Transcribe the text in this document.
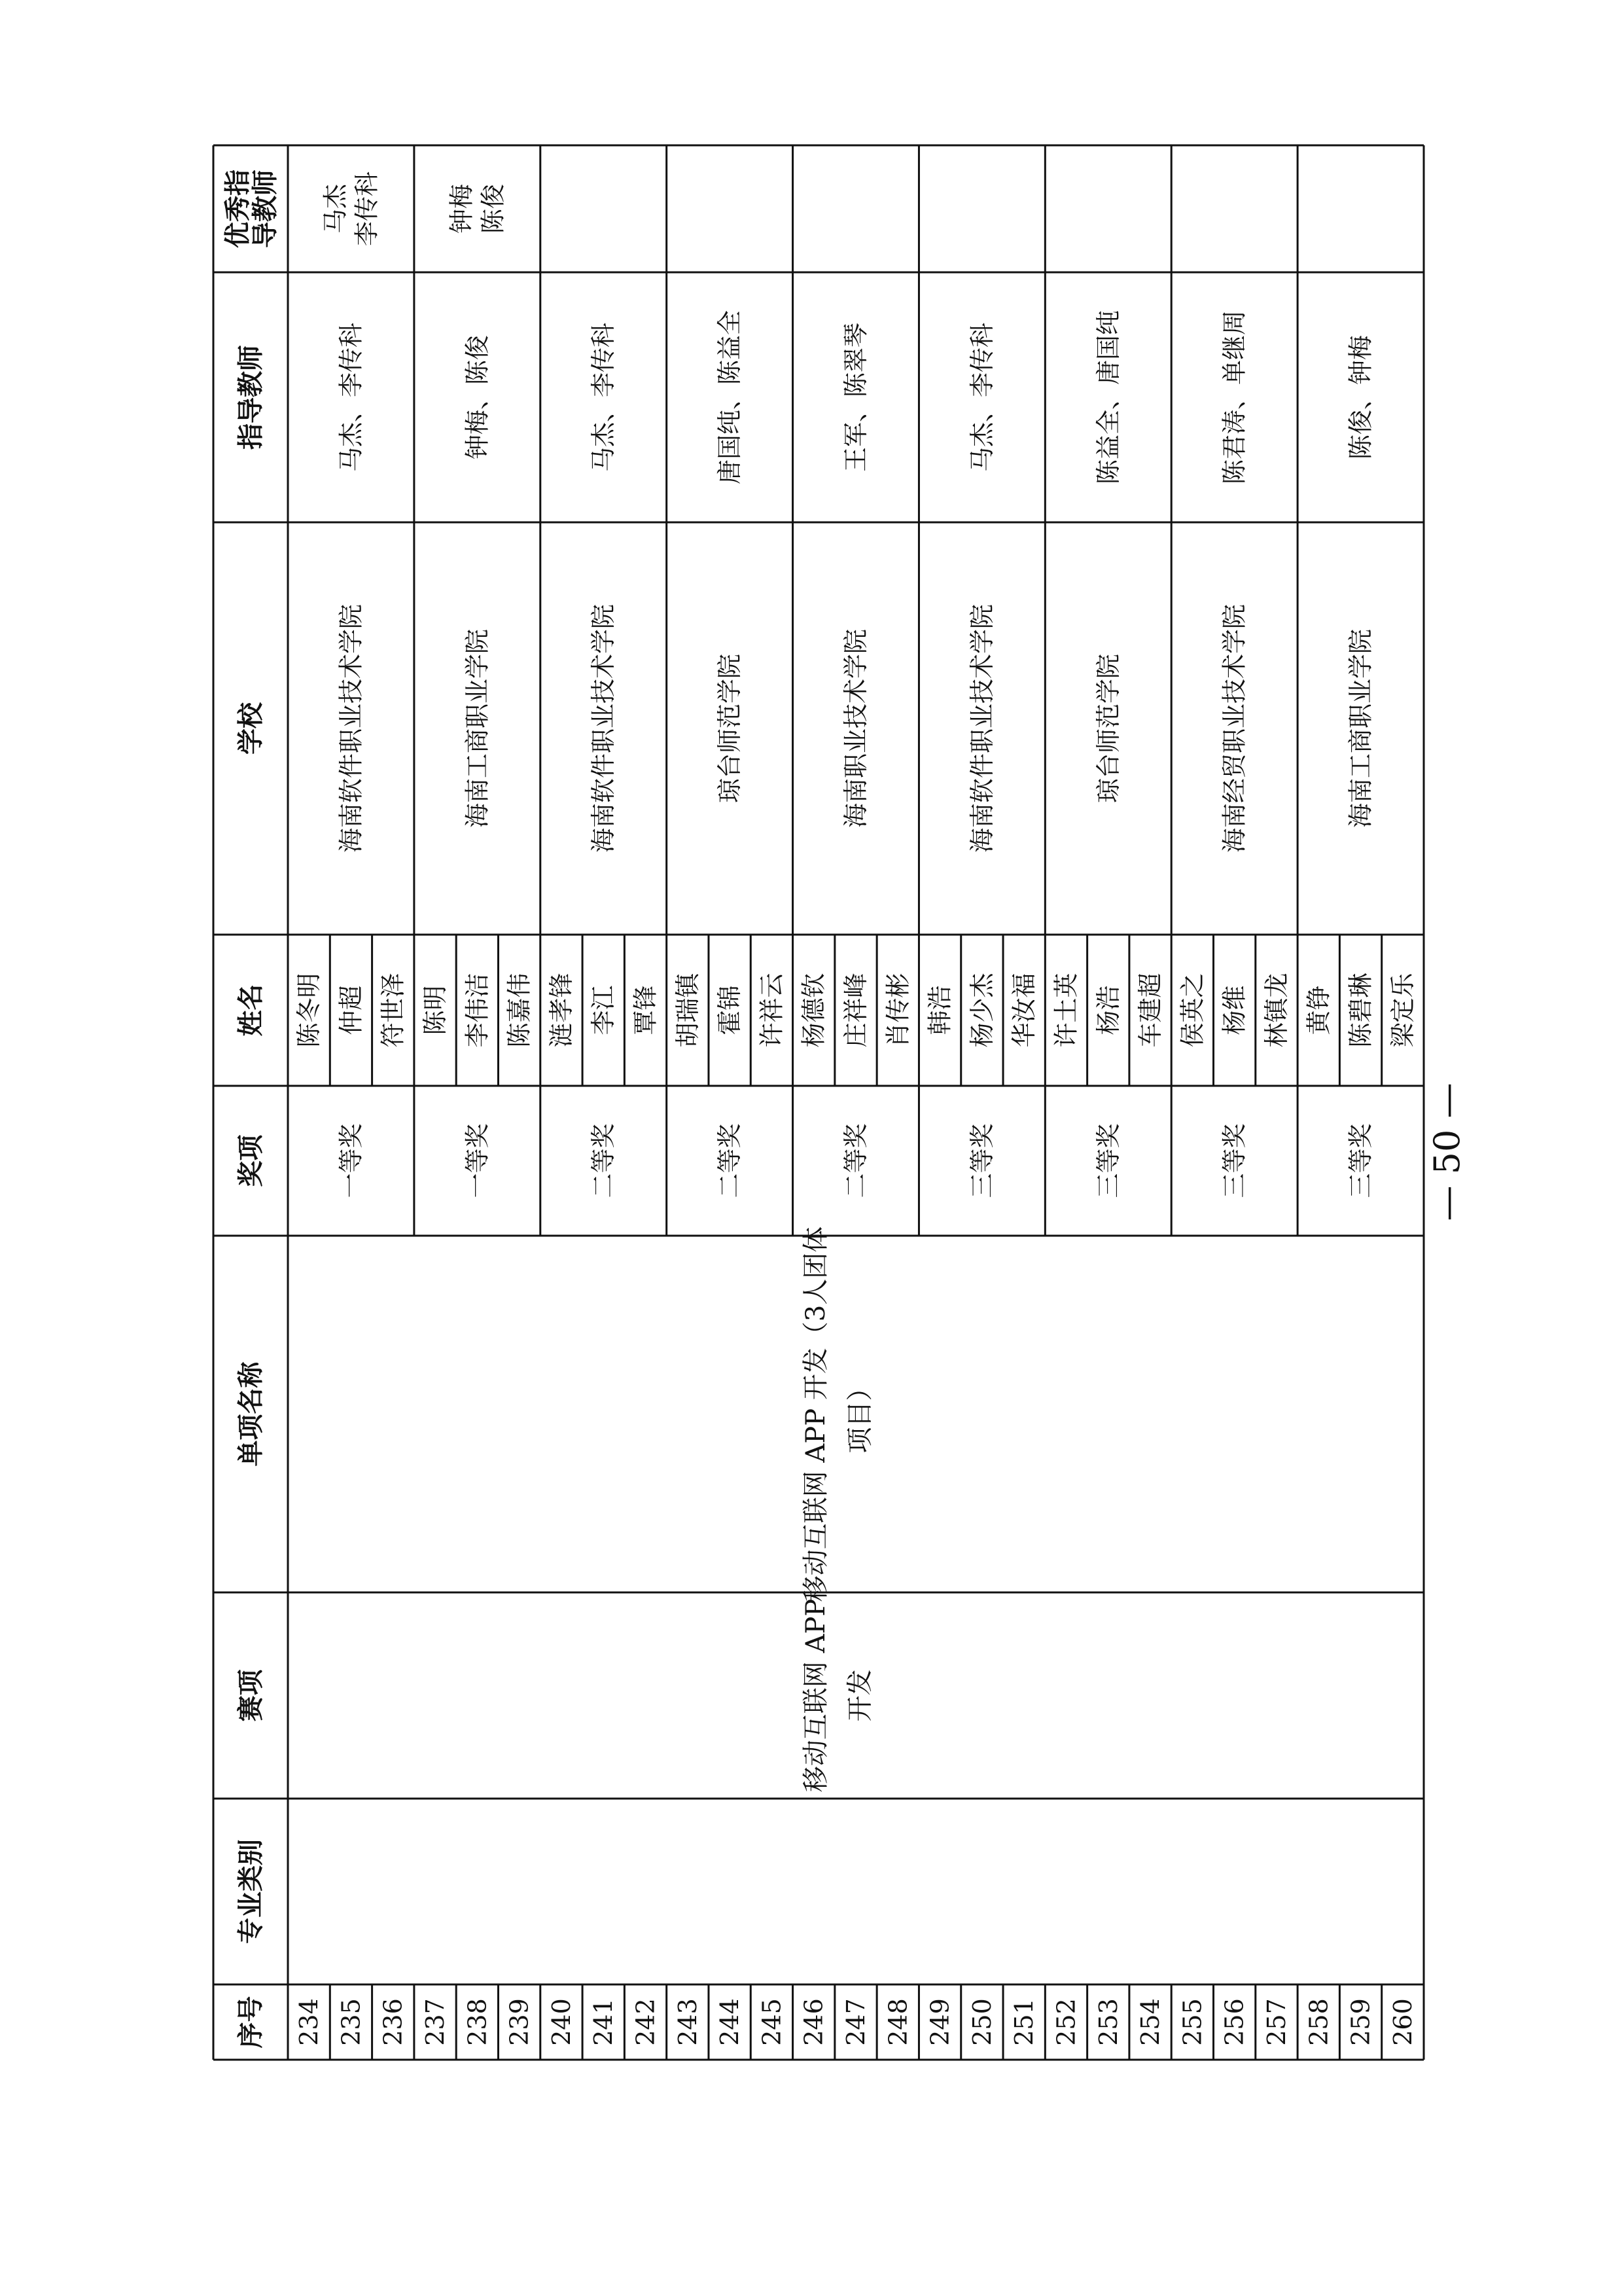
序号
专业类别
赛项
单项名称
奖项
姓名
学校
指导教师
优秀指
导教师
234
陈冬明
235
仲超
236
符世泽
一等奖
海南软件职业技术学院
马杰、李传科
马杰 李传科
237
陈明
238
李伟洁
239
陈嘉伟
一等奖
海南工商职业学院
钟梅、陈俊
钟梅 陈俊
240
涟孝锋
241
李江
242
覃锋
二等奖
海南软件职业技术学院
马杰、李传科
243
胡瑞镇
244
霍锦
245
许祥云
二等奖
琼台师范学院
唐国纯、陈益全
246
杨德钦
247
庄祥峰
248
肖传彬
二等奖
海南职业技术学院
王军、陈翠琴
249
韩浩
250
杨少杰
251
华汝福
三等奖
海南软件职业技术学院
马杰、李传科
252
许土英
253
杨浩
254
车建超
三等奖
琼台师范学院
陈益全、唐国纯
255
侯英之
256
杨维
257
林镇龙
三等奖
海南经贸职业技术学院
陈君涛、单继周
258
黄铮
259
陈碧琳
260
梁定乐
三等奖
海南工商职业学院
陈俊、钟梅
移动互联网 APP 开发
移动互联网 APP 开发（3人团体 项目）
— 50 —
